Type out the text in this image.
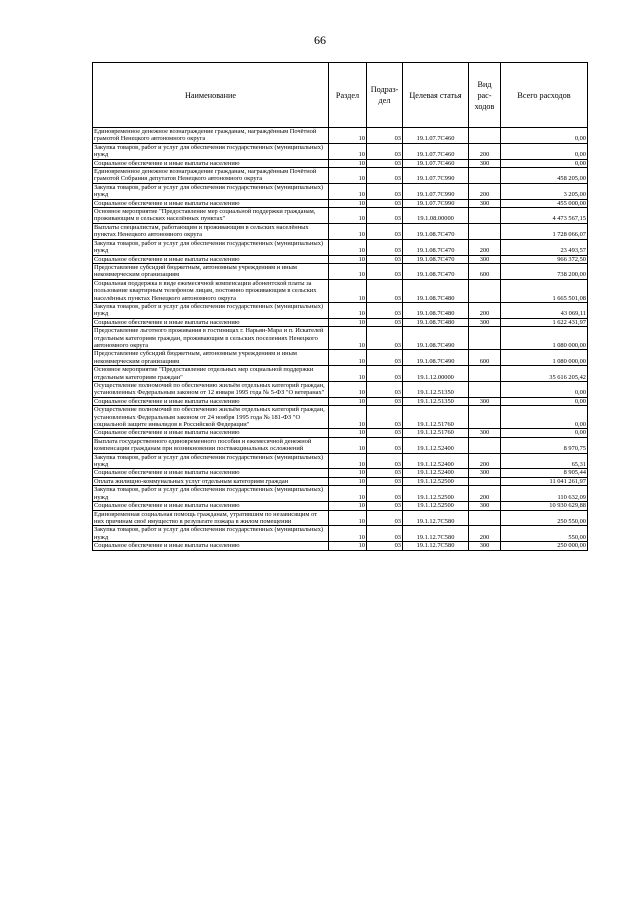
66
Наименование	Раздел	Подраз-дел	Целевая статья	Вид рас-ходов	Всего расходов
Единовременное денежное вознаграждение гражданам, награждённым Почётной грамотой Ненецкого автономного округа	10	03	19.1.07.7С460		0,00
Закупка товаров, работ и услуг для обеспечения государственных (муниципальных) нужд	10	03	19.1.07.7С460	200	0,00
Социальное обеспечение и иные выплаты населению	10	03	19.1.07.7С460	300	0,00
Единовременное денежное вознаграждение гражданам, награждённым Почётной грамотой Собрания депутатов Ненецкого автономного округа	10	03	19.1.07.7С990		458 205,00
Закупка товаров, работ и услуг для обеспечения государственных (муниципальных) нужд	10	03	19.1.07.7С990	200	3 205,00
Социальное обеспечение и иные выплаты населению	10	03	19.1.07.7С990	300	455 000,00
Основное мероприятие "Предоставление мер социальной поддержки гражданам, проживающим в сельских населённых пунктах"	10	03	19.1.08.00000		4 473 567,15
Выплаты специалистам, работающим и проживающим в сельских населённых пунктах Ненецкого автономного округа	10	03	19.1.08.7С470		1 728 066,07
Закупка товаров, работ и услуг для обеспечения государственных (муниципальных) нужд	10	03	19.1.08.7С470	200	23 493,57
Социальное обеспечение и иные выплаты населению	10	03	19.1.08.7С470	300	966 372,50
Предоставление субсидий бюджетным, автономным учреждениям и иным некоммерческим организациям	10	03	19.1.08.7С470	600	738 200,00
Социальная поддержка в виде ежемесячной компенсации абонентской платы за пользование квартирным телефоном лицам, постоянно проживающим в сельских населённых пунктах Ненецкого автономного округа	10	03	19.1.08.7С480		1 665 501,08
Закупка товаров, работ и услуг для обеспечения государственных (муниципальных) нужд	10	03	19.1.08.7С480	200	43 069,11
Социальное обеспечение и иные выплаты населению	10	03	19.1.08.7С480	300	1 622 431,97
Предоставление льготного проживания в гостиницах г. Нарьян-Мара и п. Искателей отдельным категориям граждан, проживающим в сельских поселениях Ненецкого автономного округа	10	03	19.1.08.7С490		1 080 000,00
Предоставление субсидий бюджетным, автономным учреждениям и иным некоммерческим организациям	10	03	19.1.08.7С490	600	1 080 000,00
Основное мероприятие "Предоставление отдельных мер социальной поддержки отдельным категориям граждан"	10	03	19.1.12.00000		35 616 205,42
Осуществление полномочий по обеспечению жильём отдельных категорий граждан, установленных Федеральным законом от 12 января 1995 года № 5-ФЗ "О ветеранах"	10	03	19.1.12.51350		0,00
Социальное обеспечение и иные выплаты населению	10	03	19.1.12.51350	300	0,00
Осуществление полномочий по обеспечению жильём отдельных категорий граждан, установленных Федеральным законом от 24 ноября 1995 года № 181-ФЗ "О социальной защите инвалидов в Российской Федерации"	10	03	19.1.12.51760		0,00
Социальное обеспечение и иные выплаты населению	10	03	19.1.12.51760	300	0,00
Выплата государственного единовременного пособия и ежемесячной денежной компенсации гражданам при возникновении поствакцинальных осложнений	10	03	19.1.12.52400		8 970,75
Закупка товаров, работ и услуг для обеспечения государственных (муниципальных) нужд	10	03	19.1.12.52400	200	65,31
Социальное обеспечение и иные выплаты населению	10	03	19.1.12.52400	300	8 905,44
Оплата жилищно-коммунальных услуг отдельным категориям граждан	10	03	19.1.12.52500		11 041 261,97
Закупка товаров, работ и услуг для обеспечения государственных (муниципальных) нужд	10	03	19.1.12.52500	200	110 632,09
Социальное обеспечение и иные выплаты населению	10	03	19.1.12.52500	300	10 930 629,88
Единовременная социальная помощь гражданам, утратившим по независящим от них причинам своё имущество в результате пожара в жилом помещении	10	03	19.1.12.7С580		250 550,00
Закупка товаров, работ и услуг для обеспечения государственных (муниципальных) нужд	10	03	19.1.12.7С580	200	550,00
Социальное обеспечение и иные выплаты населению	10	03	19.1.12.7С580	300	250 000,00
